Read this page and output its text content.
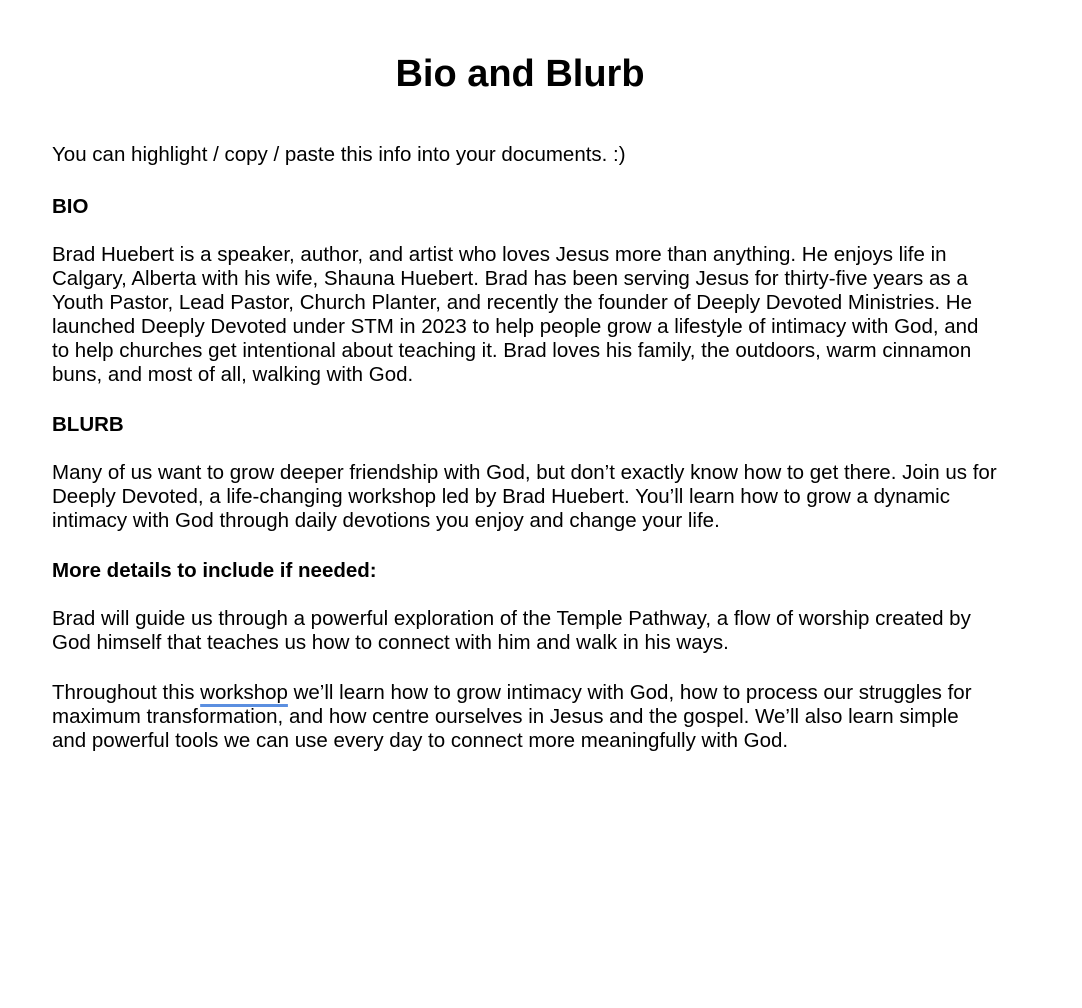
Bio and Blurb

You can highlight / copy / paste this info into your documents. :)

BIO

Brad Huebert is a speaker, author, and artist who loves Jesus more than anything. He enjoys life in Calgary, Alberta with his wife, Shauna Huebert. Brad has been serving Jesus for thirty-five years as a Youth Pastor, Lead Pastor, Church Planter, and recently the founder of Deeply Devoted Ministries. He launched Deeply Devoted under STM in 2023 to help people grow a lifestyle of intimacy with God, and to help churches get intentional about teaching it. Brad loves his family, the outdoors, warm cinnamon buns, and most of all, walking with God.

BLURB

Many of us want to grow deeper friendship with God, but don’t exactly know how to get there. Join us for Deeply Devoted, a life-changing workshop led by Brad Huebert. You’ll learn how to grow a dynamic intimacy with God through daily devotions you enjoy and change your life.

More details to include if needed:

Brad will guide us through a powerful exploration of the Temple Pathway, a flow of worship created by God himself that teaches us how to connect with him and walk in his ways.

Throughout this workshop we’ll learn how to grow intimacy with God, how to process our struggles for maximum transformation, and how centre ourselves in Jesus and the gospel. We’ll also learn simple and powerful tools we can use every day to connect more meaningfully with God.
